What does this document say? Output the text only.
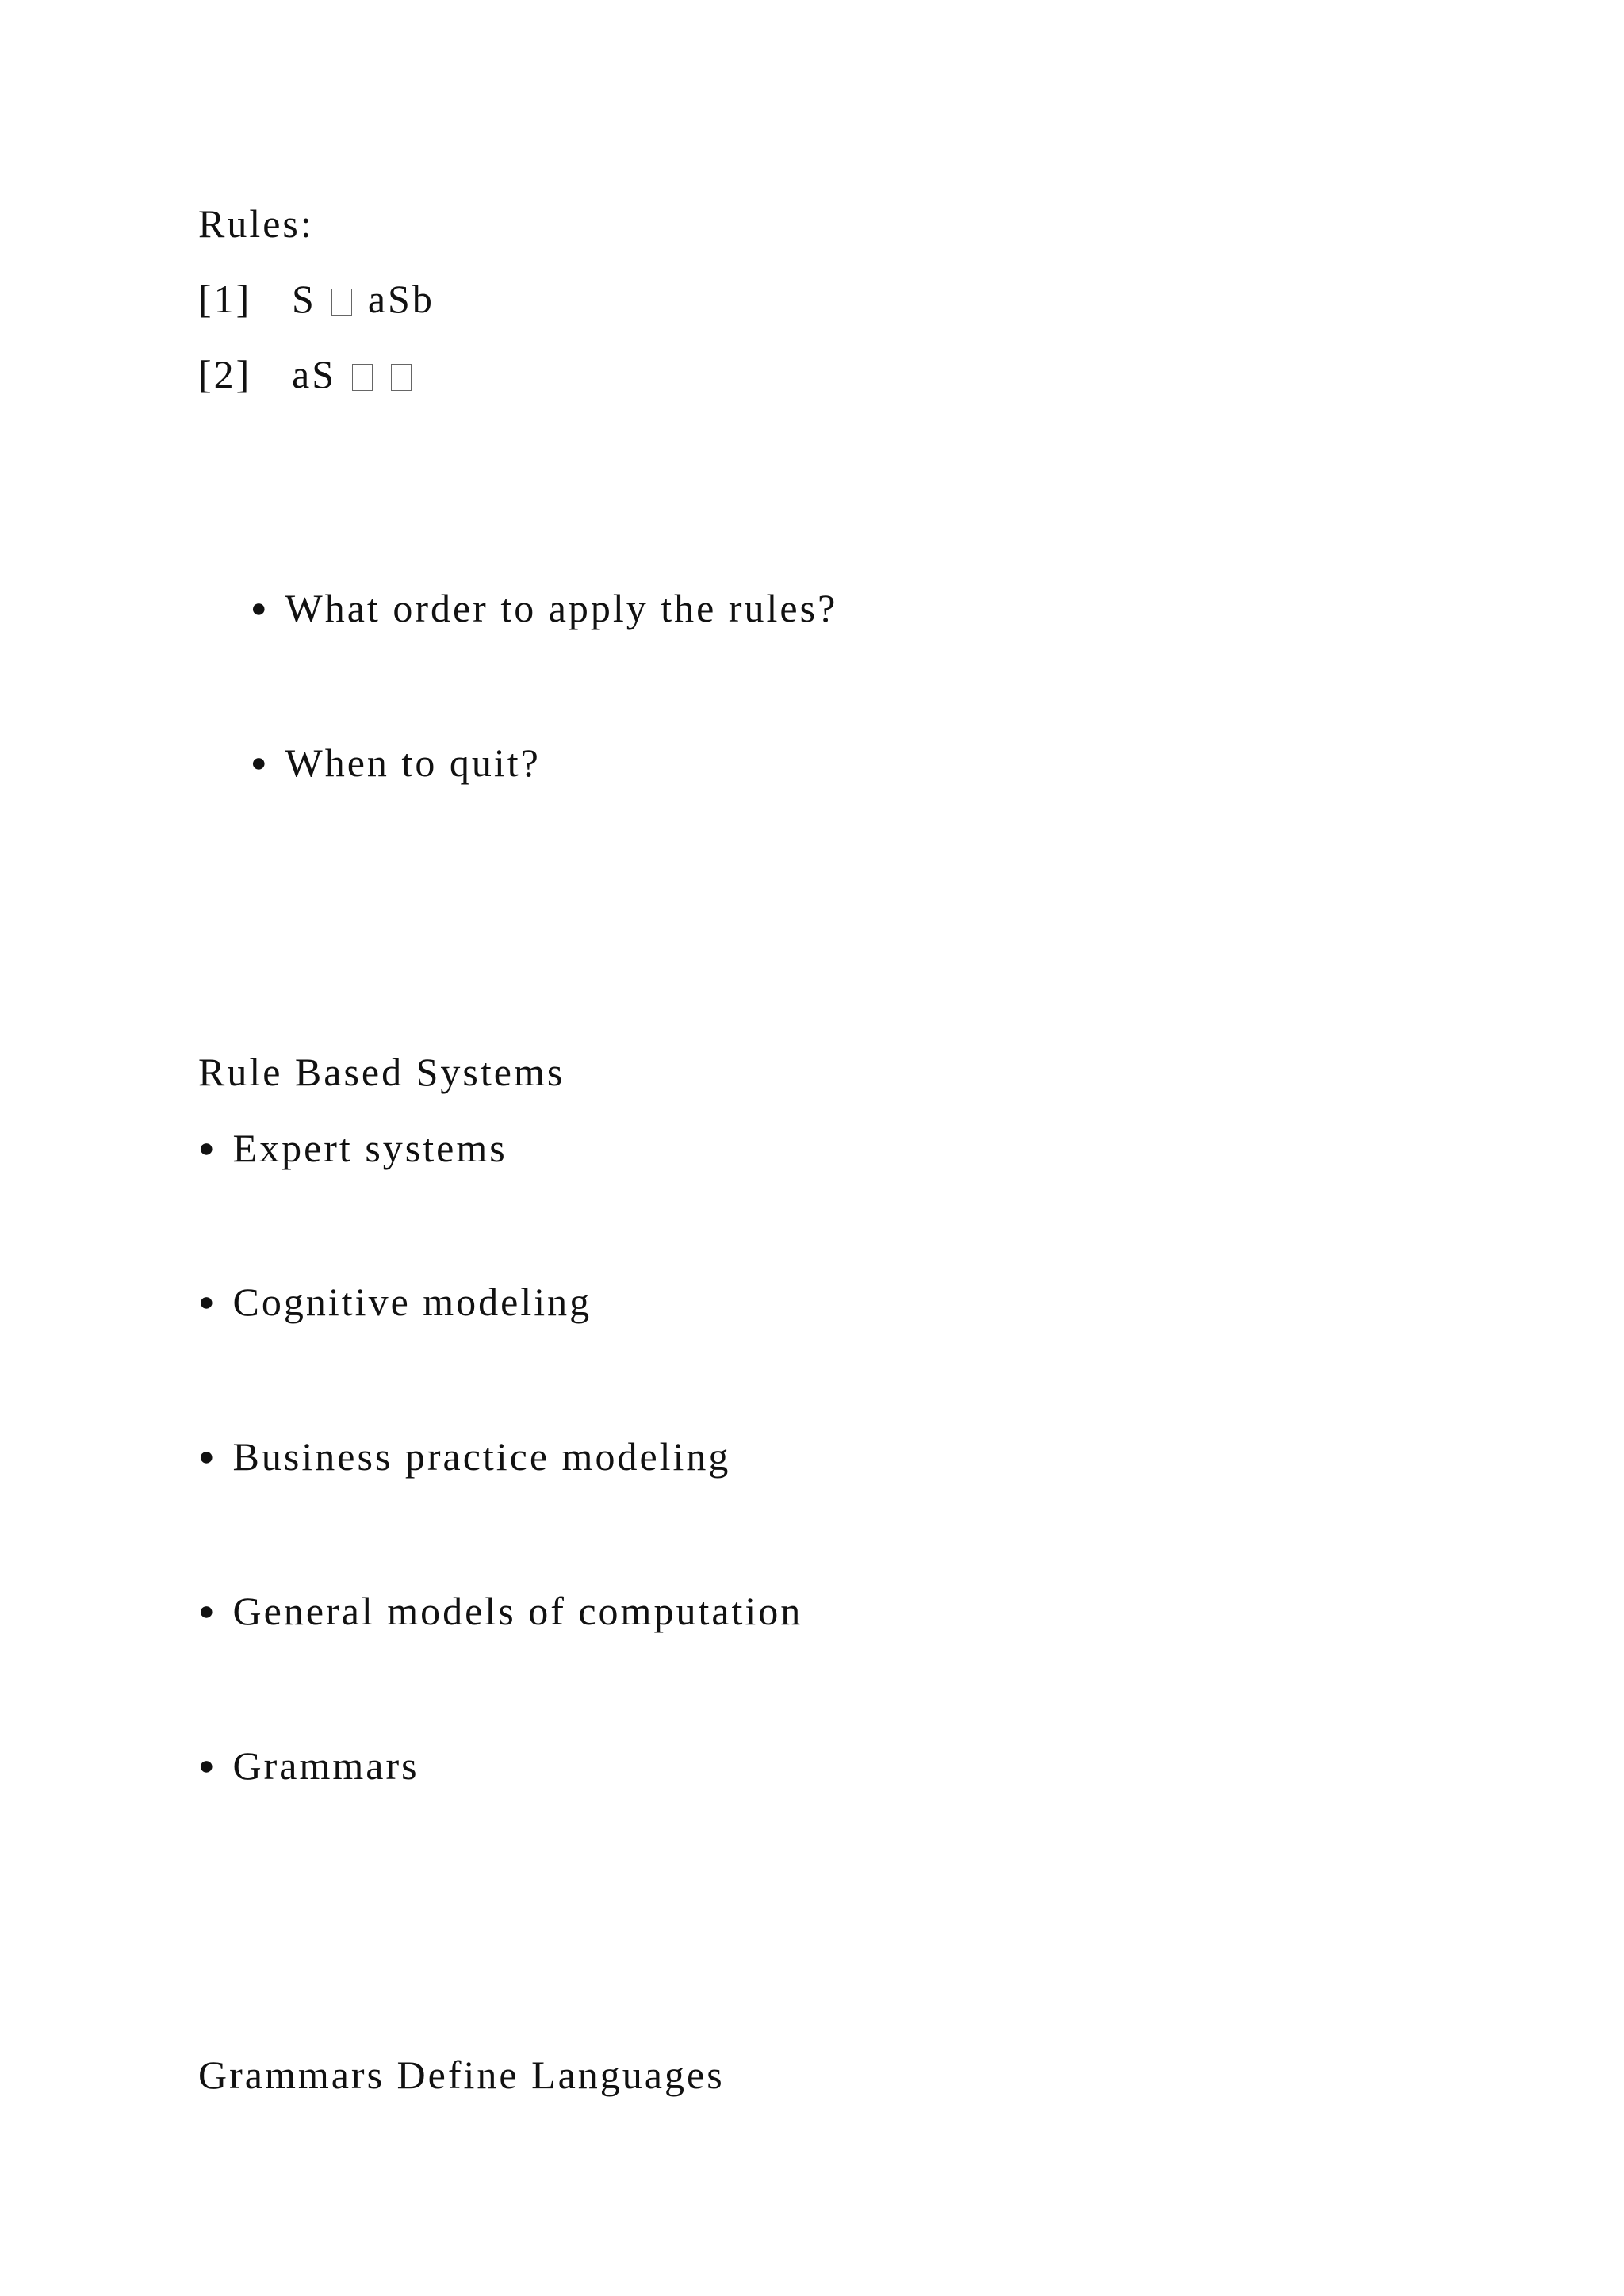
Rules:
[1] S aSb
[2] aS
● What order to apply the rules?
● When to quit?
Rule Based Systems
● Expert systems
● Cognitive modeling
● Business practice modeling
● General models of computation
● Grammars
Grammars Define Languages
